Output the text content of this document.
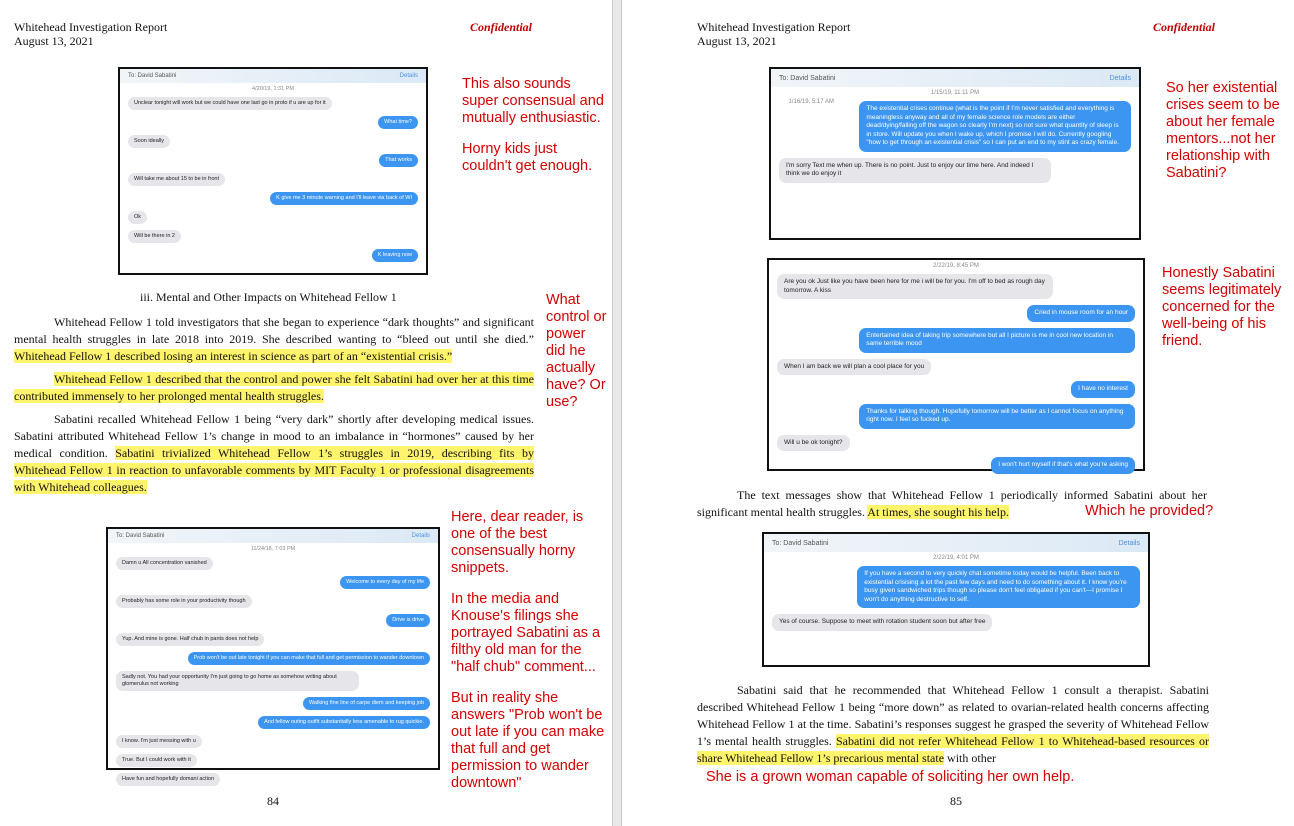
Whitehead Investigation Report
August 13, 2021
Confidential
To: David Sabatini	Details
4/20/19, 1:31 PM
Unclear tonight will work but we could have one last go in proto if u are up for it
What time?
Soon ideally
That works
Will take me about 15 to be in front
K give me 3 minute warning and I'll leave via back of WI
Ok
Will be there in 2
K leaving now

This also sounds super consensual and mutually enthusiastic.

Horny kids just couldn't get enough.

iii. Mental and Other Impacts on Whitehead Fellow 1

Whitehead Fellow 1 told investigators that she began to experience “dark thoughts” and significant mental health struggles in late 2018 into 2019. She described wanting to “bleed out until she died.” Whitehead Fellow 1 described losing an interest in science as part of an “existential crisis.”

Whitehead Fellow 1 described that the control and power she felt Sabatini had over her at this time contributed immensely to her prolonged mental health struggles.

Sabatini recalled Whitehead Fellow 1 being “very dark” shortly after developing medical issues. Sabatini attributed Whitehead Fellow 1’s change in mood to an imbalance in “hormones” caused by her medical condition. Sabatini trivialized Whitehead Fellow 1’s struggles in 2019, describing fits by Whitehead Fellow 1 in reaction to unfavorable comments by MIT Faculty 1 or professional disagreements with Whitehead colleagues.

What control or power did he actually have? Or use?
To: David Sabatini	Details
11/24/18, 7:03 PM
Damn u All concentration vanished
Welcome to every day of my life
Probably has some role in your productivity though
Drive is drive
Yup. And mine is gone. Half chub in pants does not help
Prob won't be out late tonight if you can make that full and get permission to wander downtown
Sadly not. You had your opportunity I'm just going to go home as somehow writing about glomerulus not working
Walking fine line of carpe diem and keeping job
And fellow outing outfit substantially less amenable to rug quickie.
I know. I'm just messing with u
True. But I could work with it
Have fun and hopefully domani action

Here, dear reader, is one of the best consensually horny snippets.

In the media and Knouse's filings she portrayed Sabatini as a filthy old man for the "half chub" comment...

But in reality she answers "Prob won't be out late if you can make that full and get permission to wander downtown"

84
Whitehead Investigation Report
August 13, 2021
Confidential
To: David Sabatini	Details
1/15/19, 11:11 PM
The existential crises continue (what is the point if I'm never satisfied and everything is meaningless anyway and all of my female science role models are either dead/dying/falling off the wagon so clearly I'm next) so not sure what quantity of sleep is in store. Will update you when I wake up, which I promise I will do. Currently googling "how to get through an existential crisis" so I can put an end to my stint as crazy female.
1/16/19, 5:17 AM
I'm sorry Text me when up. There is no point. Just to enjoy our time here. And indeed I think we do enjoy it
So her existential crises seem to be about her female mentors...not her relationship with Sabatini?
2/22/19, 8:45 PM
Are you ok Just like you have been here for me i will be for you. I'm off to bed as rough day tomorrow. A kiss
Cried in mouse room for an hour
Entertained idea of taking trip somewhere but all I picture is me in cool new location in same terrible mood
When I am back we will plan a cool place for you
I have no interest
Thanks for talking though. Hopefully tomorrow will be better as I cannot focus on anything right now. I feel so fucked up.
Will u be ok tonight?
I won't hurt myself if that's what you're asking
Honestly Sabatini seems legitimately concerned for the well-being of his friend.

The text messages show that Whitehead Fellow 1 periodically informed Sabatini about her significant mental health struggles. At times, she sought his help.	Which he provided?
To: David Sabatini	Details
2/22/19, 4:01 PM
If you have a second to very quickly chat sometime today would be helpful. Been back to existential crisising a lot the past few days and need to do something about it. I know you're busy given sandwiched trips though so please don't feel obligated if you can't—I promise I won't do anything destructive to self.
Yes of course. Suppose to meet with rotation student soon but after free

Sabatini said that he recommended that Whitehead Fellow 1 consult a therapist. Sabatini described Whitehead Fellow 1 being “more down” as related to ovarian-related health concerns affecting Whitehead Fellow 1 at the time. Sabatini’s responses suggest he grasped the severity of Whitehead Fellow 1’s mental health struggles. Sabatini did not refer Whitehead Fellow 1 to Whitehead-based resources or share Whitehead Fellow 1’s precarious mental state with other

She is a grown woman capable of soliciting her own help.
85
